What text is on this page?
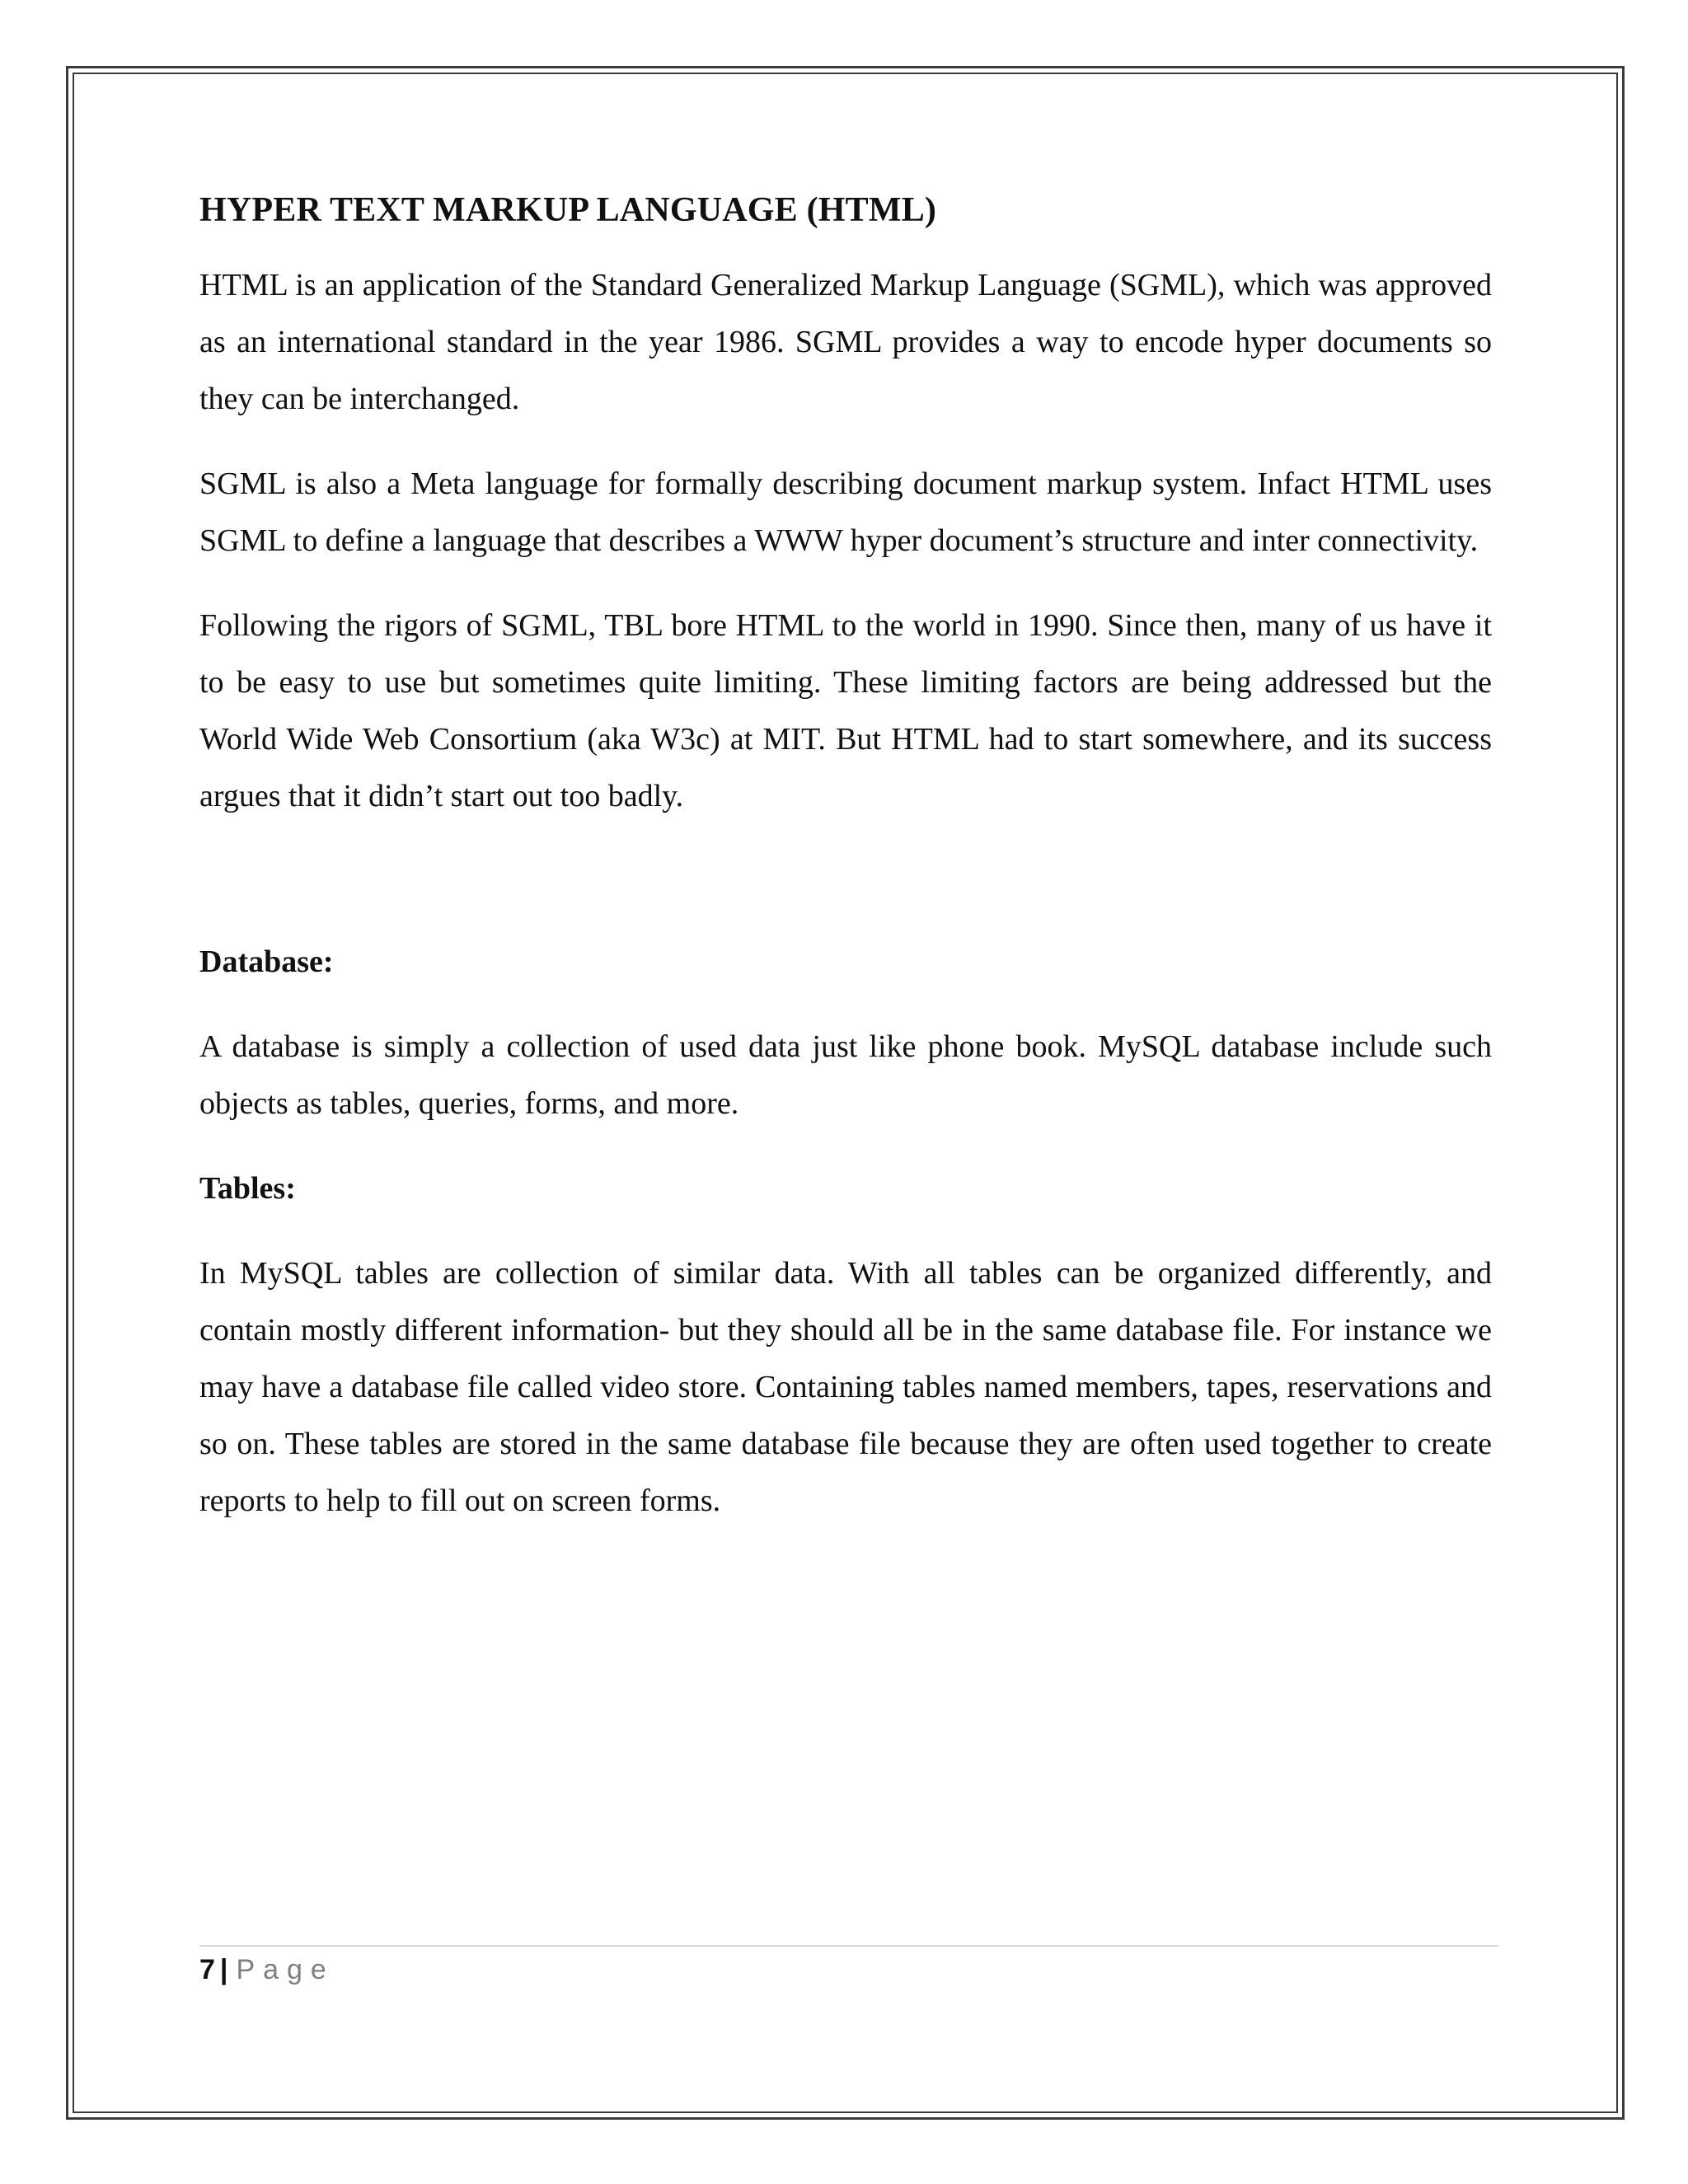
HYPER TEXT MARKUP LANGUAGE (HTML)

HTML is an application of the Standard Generalized Markup Language (SGML), which was approved as an international standard in the year 1986. SGML provides a way to encode hyper documents so they can be interchanged.

SGML is also a Meta language for formally describing document markup system. Infact HTML uses SGML to define a language that describes a WWW hyper document’s structure and inter connectivity.

Following the rigors of SGML, TBL bore HTML to the world in 1990. Since then, many of us have it to be easy to use but sometimes quite limiting. These limiting factors are being addressed but the World Wide Web Consortium (aka W3c) at MIT. But HTML had to start somewhere, and its success argues that it didn’t start out too badly.

Database:

A database is simply a collection of used data just like phone book. MySQL database include such objects as tables, queries, forms, and more.

Tables:

In MySQL tables are collection of similar data. With all tables can be organized differently, and contain mostly different information- but they should all be in the same database file. For instance we may have a database file called video store. Containing tables named members, tapes, reservations and so on. These tables are stored in the same database file because they are often used together to create reports to help to fill out on screen forms.

7 | Page
